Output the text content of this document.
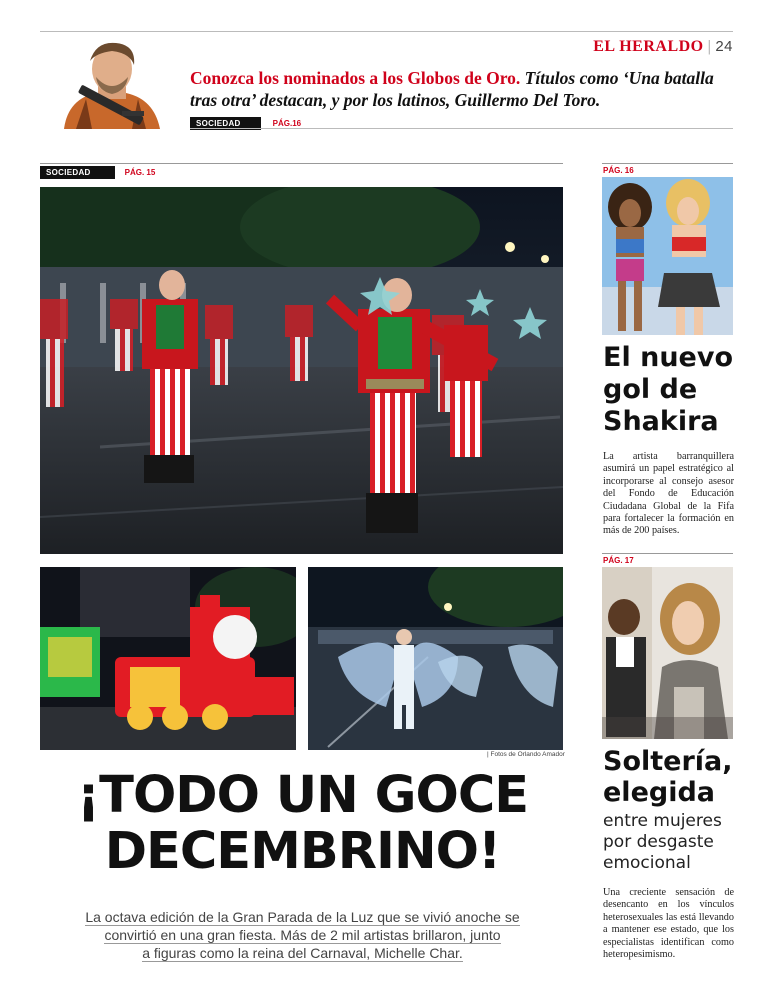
EL HERALDO | 24
Conozca los nominados a los Globos de Oro. Títulos como ‘Una batalla tras otra’ destacan, y por los latinos, Guillermo Del Toro.
SOCIEDAD	PÁG.16
SOCIEDAD	PÁG. 15
| Fotos de Orlando Amador
¡TODO UN GOCE
DECEMBRINO!
La octava edición de la Gran Parada de la Luz que se vivió anoche se
convirtió en una gran fiesta. Más de 2 mil artistas brillaron, junto
a figuras como la reina del Carnaval, Michelle Char.
PÁG. 16
El nuevo
gol de
Shakira
La artista barranquillera asumirá un papel estratégico al incorporarse al consejo asesor del Fondo de Educación Ciudadana Global de la Fifa para fortalecer la formación en más de 200 países.
PÁG. 17
Soltería,
elegida
entre mujeres
por desgaste
emocional
Una creciente sensación de desencanto en los vínculos heterosexuales las está llevando a mantener ese estado, que los especialistas identifican como heteropesimismo.
